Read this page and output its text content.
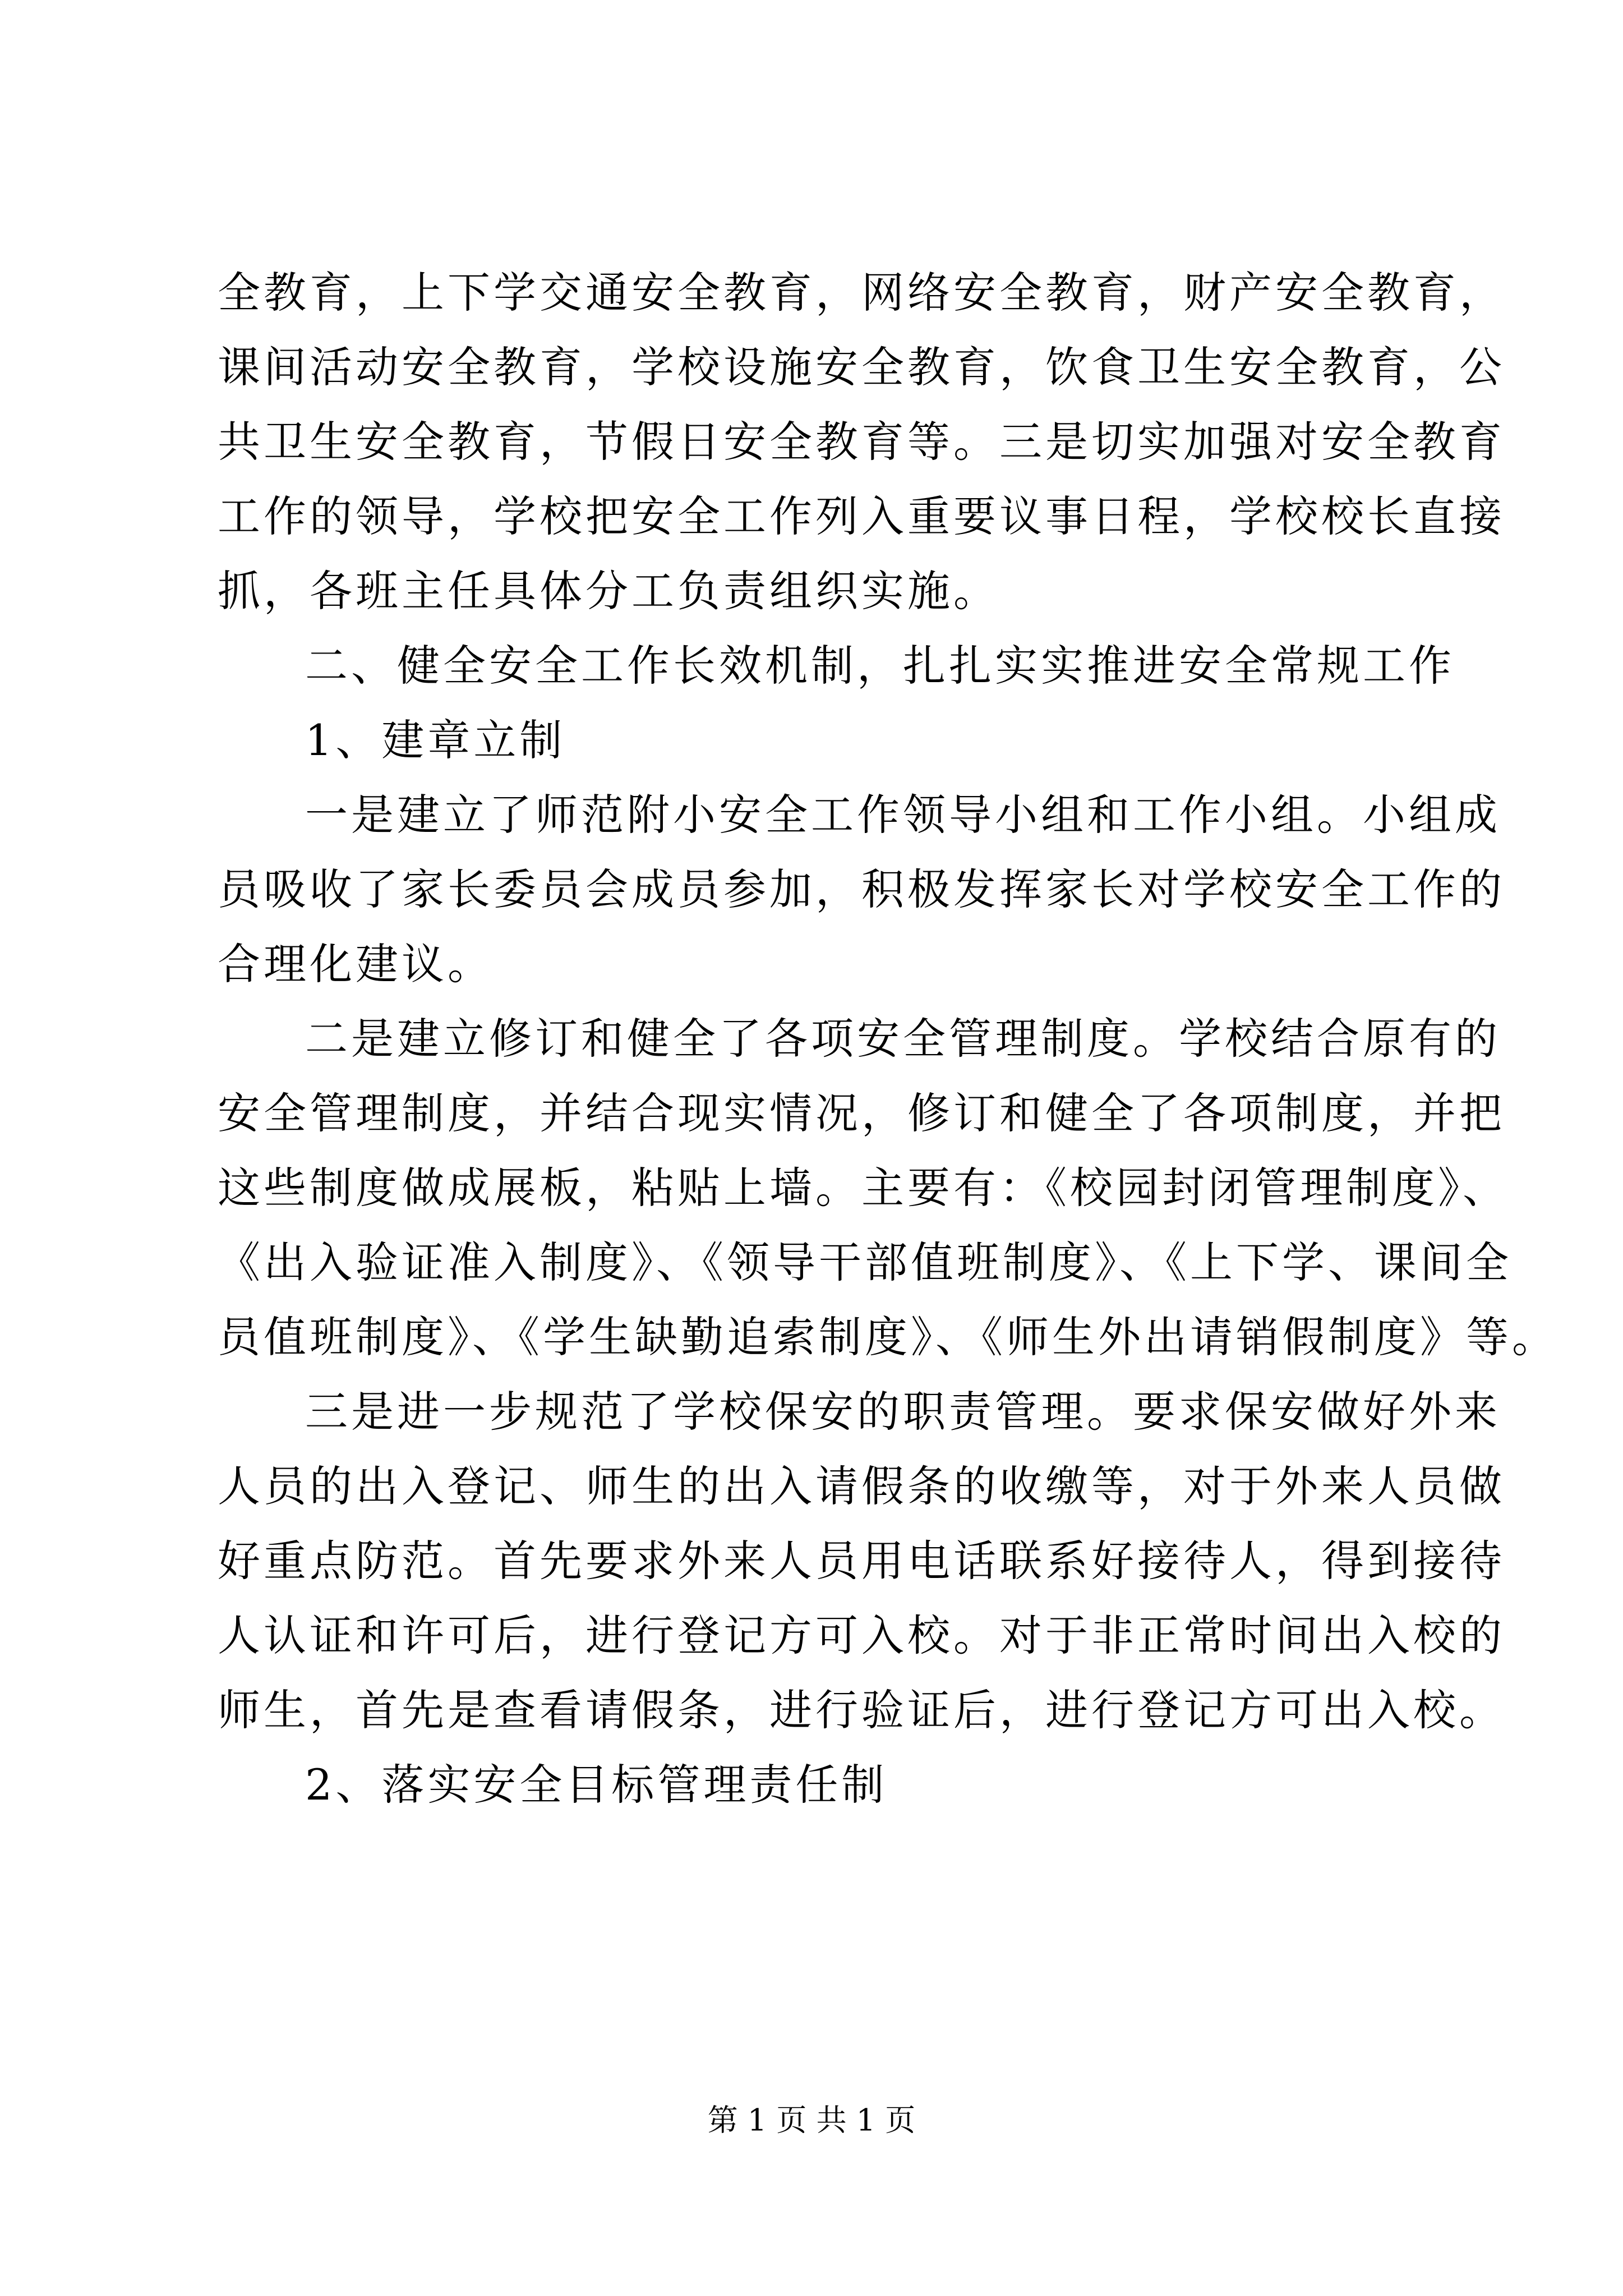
全教育，上下学交通安全教育，网络安全教育，财产安全教育，
课间活动安全教育，学校设施安全教育，饮食卫生安全教育，公
共卫生安全教育，节假日安全教育等。三是切实加强对安全教育
工作的领导，学校把安全工作列入重要议事日程，学校校长直接
抓，各班主任具体分工负责组织实施。
二、健全安全工作长效机制，扎扎实实推进安全常规工作
1、建章立制
一是建立了师范附小安全工作领导小组和工作小组。小组成
员吸收了家长委员会成员参加，积极发挥家长对学校安全工作的
合理化建议。
二是建立修订和健全了各项安全管理制度。学校结合原有的
安全管理制度，并结合现实情况，修订和健全了各项制度，并把
这些制度做成展板，粘贴上墙。主要有：《校园封闭管理制度》、
《出入验证准入制度》、《领导干部值班制度》、《上下学、课间全
员值班制度》、《学生缺勤追索制度》、《师生外出请销假制度》等。
三是进一步规范了学校保安的职责管理。要求保安做好外来
人员的出入登记、师生的出入请假条的收缴等，对于外来人员做
好重点防范。首先要求外来人员用电话联系好接待人，得到接待
人认证和许可后，进行登记方可入校。对于非正常时间出入校的
师生，首先是查看请假条，进行验证后，进行登记方可出入校。
2、落实安全目标管理责任制
第 1 页 共 1 页
